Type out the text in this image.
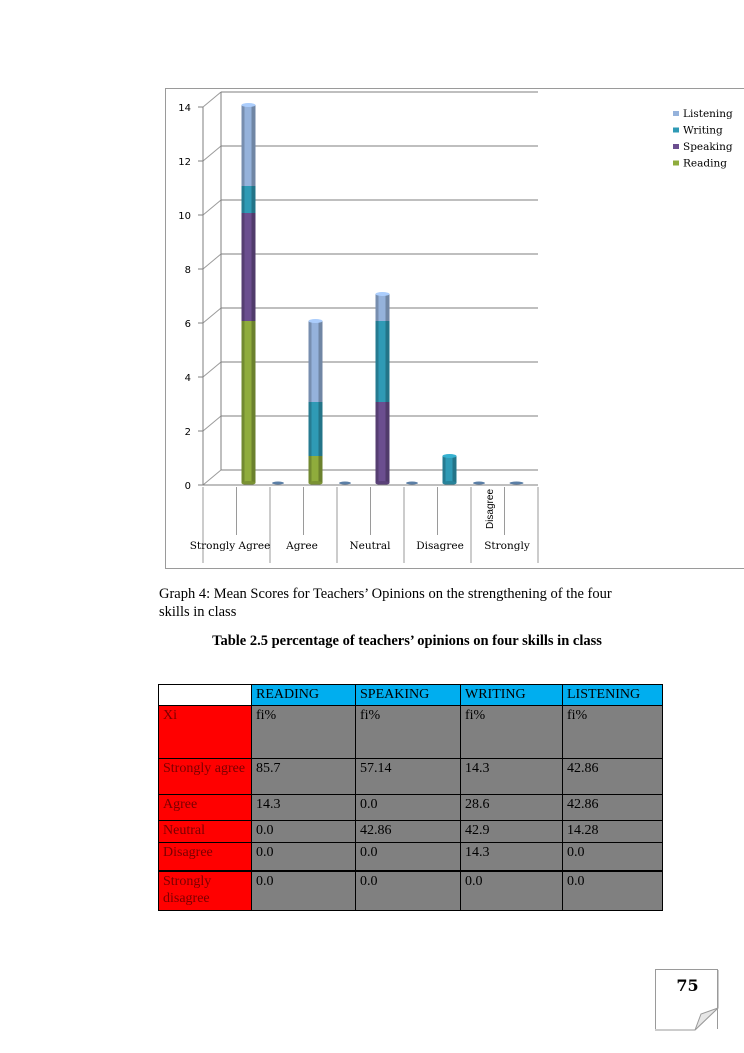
0
2
4
6
8
10
12
14
Strongly Agree Agree	Neutral Disagree Strongly
Disagree
Listening
Writing
Speaking
Reading
Graph 4: Mean Scores for Teachers’ Opinions on the strengthening of the four skills in class
Table 2.5 percentage of teachers’ opinions on four skills in class
	READING	SPEAKING	WRITING	LISTENING
Xi	fi%	fi%	fi%	fi%
Strongly agree	85.7	57.14	14.3	42.86
Agree	14.3	0.0	28.6	42.86
Neutral	0.0	42.86	42.9	14.28
Disagree	0.0	0.0	14.3	0.0
Strongly disagree	0.0	0.0	0.0	0.0
75
